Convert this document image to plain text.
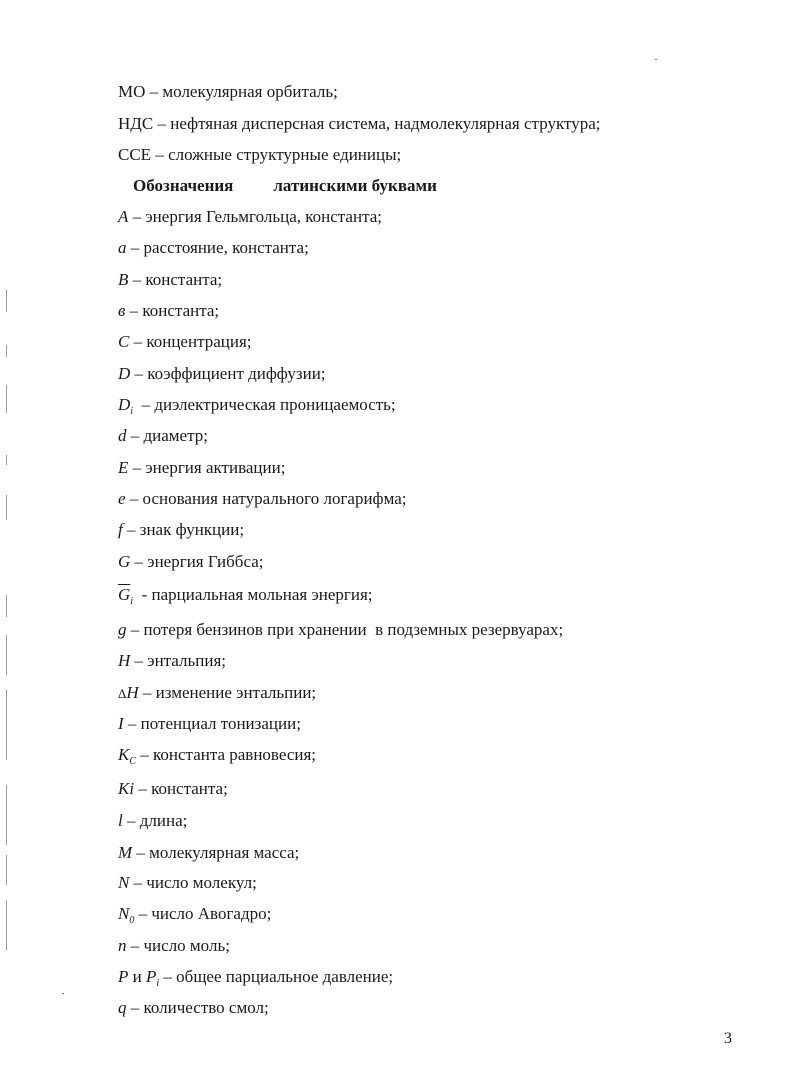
МО – молекулярная орбиталь;
НДС – нефтяная дисперсная система, надмолекулярная структура;
ССЕ – сложные структурные единицы;
Обозначения латинскими буквами
A – энергия Гельмгольца, константа;
a – расстояние, константа;
B – константа;
в – константа;
C – концентрация;
D – коэффициент диффузии;
$D_i$  – диэлектрическая проницаемость;
d – диаметр;
E – энергия активации;
e – основания натурального логарифма;
f – знак функции;
G – энергия Гиббса;
$\overline{G}_i$  - парциальная мольная энергия;
g – потеря бензинов при хранении  в подземных резервуарах;
H – энтальпия;
ΔH – изменение энтальпии;
I – потенциал тонизации;
$K_C$ – константа равновесия;
Ki – константа;
l – длина;
M – молекулярная масса;
N – число молекул;
$N_0$ – число Авогадро;
n – число моль;
P и $P_i$ – общее парциальное давление;
q – количество смол;
3
